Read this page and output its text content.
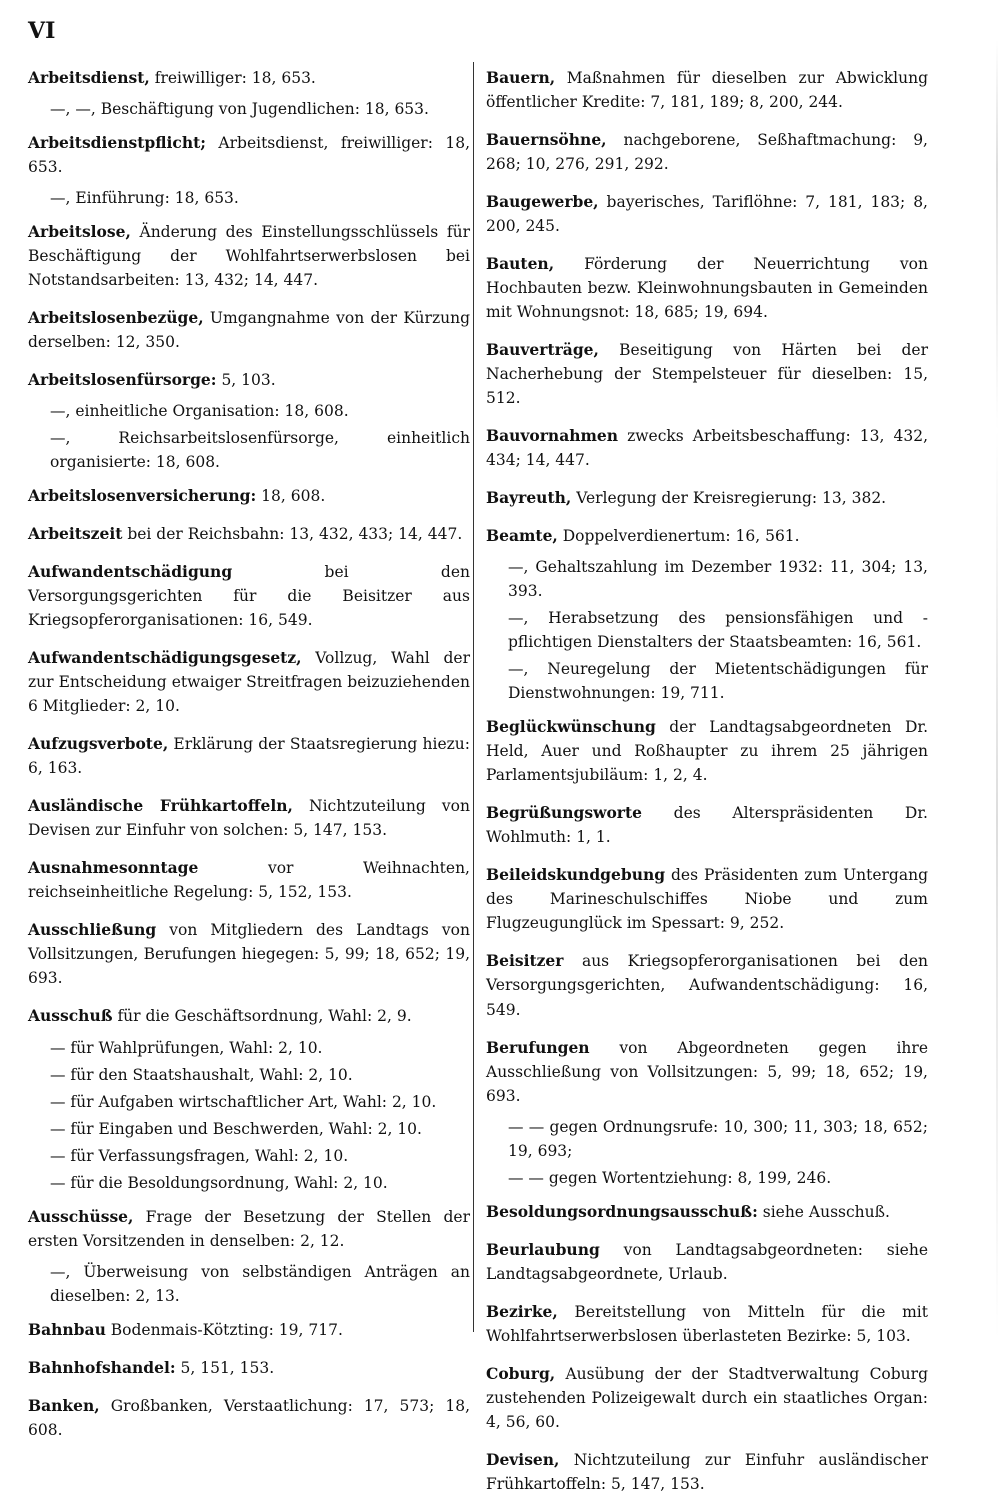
VI
Arbeitsdienst, freiwilliger: 18, 653.
—, —, Beschäftigung von Jugendlichen: 18, 653.
Arbeitsdienstpflicht; Arbeitsdienst, freiwilliger: 18, 653.
—, Einführung: 18, 653.
Arbeitslose, Änderung des Einstellungsschlüssels für Beschäftigung der Wohlfahrtserwerbslosen bei Notstandsarbeiten: 13, 432; 14, 447.
Arbeitslosenbezüge, Umgangnahme von der Kürzung derselben: 12, 350.
Arbeitslosenfürsorge: 5, 103.
—, einheitliche Organisation: 18, 608.
—, Reichsarbeitslosenfürsorge, einheitlich organisierte: 18, 608.
Arbeitslosenversicherung: 18, 608.
Arbeitszeit bei der Reichsbahn: 13, 432, 433; 14, 447.
Aufwandentschädigung bei den Versorgungsgerichten für die Beisitzer aus Kriegsopferorganisationen: 16, 549.
Aufwandentschädigungsgesetz, Vollzug, Wahl der zur Entscheidung etwaiger Streitfragen beizuziehenden 6 Mitglieder: 2, 10.
Aufzugsverbote, Erklärung der Staatsregierung hiezu: 6, 163.
Ausländische Frühkartoffeln, Nichtzuteilung von Devisen zur Einfuhr von solchen: 5, 147, 153.
Ausnahmesonntage vor Weihnachten, reichseinheitliche Regelung: 5, 152, 153.
Ausschließung von Mitgliedern des Landtags von Vollsitzungen, Berufungen hiegegen: 5, 99; 18, 652; 19, 693.
Ausschuß für die Geschäftsordnung, Wahl: 2, 9.
— für Wahlprüfungen, Wahl: 2, 10.
— für den Staatshaushalt, Wahl: 2, 10.
— für Aufgaben wirtschaftlicher Art, Wahl: 2, 10.
— für Eingaben und Beschwerden, Wahl: 2, 10.
— für Verfassungsfragen, Wahl: 2, 10.
— für die Besoldungsordnung, Wahl: 2, 10.
Ausschüsse, Frage der Besetzung der Stellen der ersten Vorsitzenden in denselben: 2, 12.
—, Überweisung von selbständigen Anträgen an dieselben: 2, 13.
Bahnbau Bodenmais-Kötzting: 19, 717.
Bahnhofshandel: 5, 151, 153.
Banken, Großbanken, Verstaatlichung: 17, 573; 18, 608.
Bauern, Maßnahmen für dieselben zur Abwicklung öffentlicher Kredite: 7, 181, 189; 8, 200, 244.
Bauernsöhne, nachgeborene, Seßhaftmachung: 9, 268; 10, 276, 291, 292.
Baugewerbe, bayerisches, Tariflöhne: 7, 181, 183; 8, 200, 245.
Bauten, Förderung der Neuerrichtung von Hochbauten bezw. Kleinwohnungsbauten in Gemeinden mit Wohnungsnot: 18, 685; 19, 694.
Bauverträge, Beseitigung von Härten bei der Nacherhebung der Stempelsteuer für dieselben: 15, 512.
Bauvornahmen zwecks Arbeitsbeschaffung: 13, 432, 434; 14, 447.
Bayreuth, Verlegung der Kreisregierung: 13, 382.
Beamte, Doppelverdienertum: 16, 561.
—, Gehaltszahlung im Dezember 1932: 11, 304; 13, 393.
—, Herabsetzung des pensionsfähigen und -pflichtigen Dienstalters der Staatsbeamten: 16, 561.
—, Neuregelung der Mietentschädigungen für Dienstwohnungen: 19, 711.
Beglückwünschung der Landtagsabgeordneten Dr. Held, Auer und Roßhaupter zu ihrem 25 jährigen Parlamentsjubiläum: 1, 2, 4.
Begrüßungsworte des Alterspräsidenten Dr. Wohlmuth: 1, 1.
Beileidskundgebung des Präsidenten zum Untergang des Marineschulschiffes Niobe und zum Flugzeugunglück im Spessart: 9, 252.
Beisitzer aus Kriegsopferorganisationen bei den Versorgungsgerichten, Aufwandentschädigung: 16, 549.
Berufungen von Abgeordneten gegen ihre Ausschließung von Vollsitzungen: 5, 99; 18, 652; 19, 693.
— — gegen Ordnungsrufe: 10, 300; 11, 303; 18, 652; 19, 693;
— — gegen Wortentziehung: 8, 199, 246.
Besoldungsordnungsausschuß: siehe Ausschuß.
Beurlaubung von Landtagsabgeordneten: siehe Landtagsabgeordnete, Urlaub.
Bezirke, Bereitstellung von Mitteln für die mit Wohlfahrtserwerbslosen überlasteten Bezirke: 5, 103.
Coburg, Ausübung der der Stadtverwaltung Coburg zustehenden Polizeigewalt durch ein staatliches Organ: 4, 56, 60.
Devisen, Nichtzuteilung zur Einfuhr ausländischer Frühkartoffeln: 5, 147, 153.
